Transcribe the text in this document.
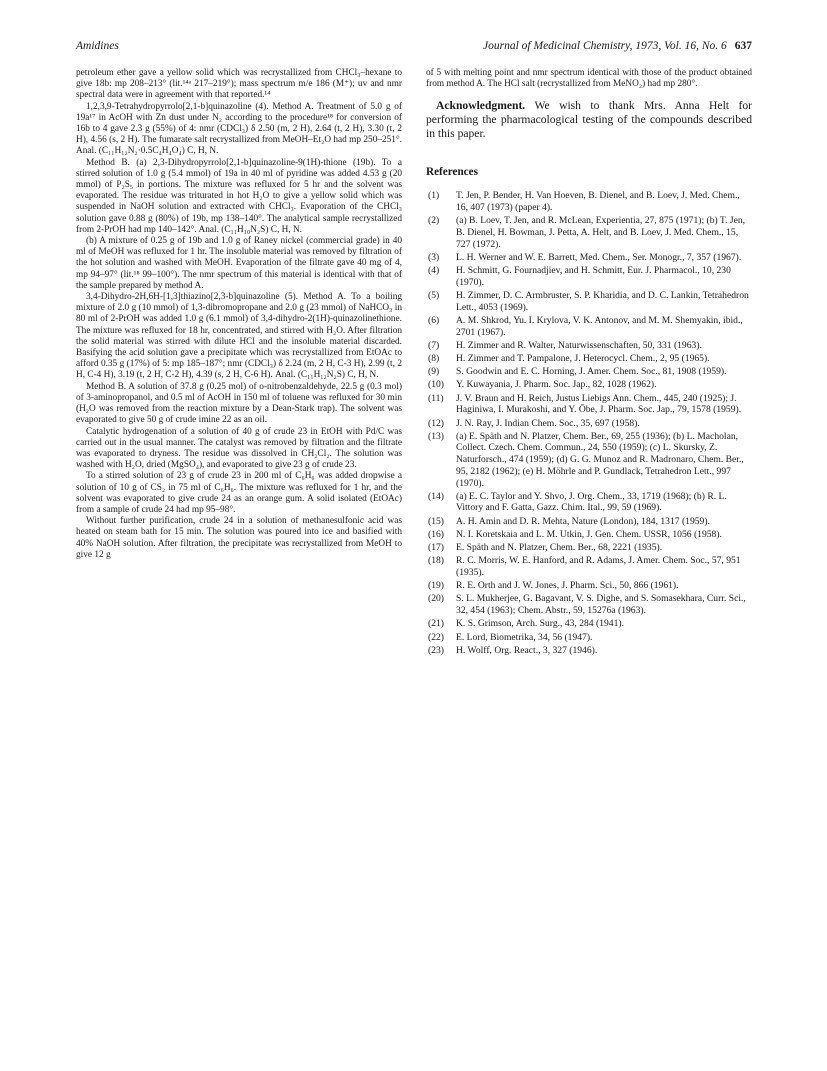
Amidines	Journal of Medicinal Chemistry, 1973, Vol. 16, No. 6 637

petroleum ether gave a yellow solid which was recrystallized from CHCl₃–hexane to give 18b: mp 208–213° (lit.¹⁴ᵃ 217–219°); mass spectrum m/e 186 (M⁺); uv and nmr spectral data were in agreement with that reported.¹⁴

1,2,3,9-Tetrahydropyrrolo[2,1-b]quinazoline (4). Method A. Treatment of 5.0 g of 19a¹⁷ in AcOH with Zn dust under N₂ according to the procedure¹⁸ for conversion of 16b to 4 gave 2.3 g (55%) of 4: nmr (CDCl₃) δ 2.50 (m, 2 H), 2.64 (t, 2 H), 3.30 (t, 2 H), 4.56 (s, 2 H). The fumarate salt recrystallized from MeOH–Et₂O had mp 250–251°. Anal. (C₁₁H₁₂N₂·0.5C₄H₄O₄) C, H, N.

Method B. (a) 2,3-Dihydropyrrolo[2,1-b]quinazoline-9(1H)-thione (19b). To a stirred solution of 1.0 g (5.4 mmol) of 19a in 40 ml of pyridine was added 4.53 g (20 mmol) of P₂S₅ in portions. The mixture was refluxed for 5 hr and the solvent was evaporated. The residue was triturated in hot H₂O to give a yellow solid which was suspended in NaOH solution and extracted with CHCl₃. Evaporation of the CHCl₃ solution gave 0.88 g (80%) of 19b, mp 138–140°. The analytical sample recrystallized from 2-PrOH had mp 140–142°. Anal. (C₁₁H₁₀N₂S) C, H, N.

(b) A mixture of 0.25 g of 19b and 1.0 g of Raney nickel (commercial grade) in 40 ml of MeOH was refluxed for 1 hr. The insoluble material was removed by filtration of the hot solution and washed with MeOH. Evaporation of the filtrate gave 40 mg of 4, mp 94–97° (lit.¹⁸ 99–100°). The nmr spectrum of this material is identical with that of the sample prepared by method A.

3,4-Dihydro-2H,6H-[1,3]thiazino[2,3-b]quinazoline (5). Method A. To a boiling mixture of 2.0 g (10 mmol) of 1,3-dibromopropane and 2.0 g (23 mmol) of NaHCO₃ in 80 ml of 2-PrOH was added 1.0 g (6.1 mmol) of 3,4-dihydro-2(1H)-quinazolinethione. The mixture was refluxed for 18 hr, concentrated, and stirred with H₂O. After filtration the solid material was stirred with dilute HCl and the insoluble material discarded. Basifying the acid solution gave a precipitate which was recrystallized from EtOAc to afford 0.35 g (17%) of 5: mp 185–187°; nmr (CDCl₃) δ 2.24 (m, 2 H, C-3 H), 2.99 (t, 2 H, C-4 H), 3.19 (t, 2 H, C-2 H), 4.39 (s, 2 H, C-6 H). Anal. (C₁₁H₁₂N₂S) C, H, N.

Method B. A solution of 37.8 g (0.25 mol) of o-nitrobenzaldehyde, 22.5 g (0.3 mol) of 3-aminopropanol, and 0.5 ml of AcOH in 150 ml of toluene was refluxed for 30 min (H₂O was removed from the reaction mixture by a Dean-Stark trap). The solvent was evaporated to give 50 g of crude imine 22 as an oil.

Catalytic hydrogenation of a solution of 40 g of crude 23 in EtOH with Pd/C was carried out in the usual manner. The catalyst was removed by filtration and the filtrate was evaporated to dryness. The residue was dissolved in CH₂Cl₂. The solution was washed with H₂O, dried (MgSO₄), and evaporated to give 23 g of crude 23.

To a stirred solution of 23 g of crude 23 in 200 ml of C₆H₆ was added dropwise a solution of 10 g of CS₂ in 75 ml of C₆H₆. The mixture was refluxed for 1 hr, and the solvent was evaporated to give crude 24 as an orange gum. A solid isolated (EtOAc) from a sample of crude 24 had mp 95–98°.

Without further purification, crude 24 in a solution of methanesulfonic acid was heated on steam bath for 15 min. The solution was poured into ice and basified with 40% NaOH solution. After filtration, the precipitate was recrystallized from MeOH to give 12 g

of 5 with melting point and nmr spectrum identical with those of the product obtained from method A. The HCl salt (recrystallized from MeNO₂) had mp 280°.

Acknowledgment. We wish to thank Mrs. Anna Helt for performing the pharmacological testing of the compounds described in this paper.

References
(1) T. Jen, P. Bender, H. Van Hoeven, B. Dienel, and B. Loev, J. Med. Chem., 16, 407 (1973) (paper 4).
(2) (a) B. Loev, T. Jen, and R. McLean, Experientia, 27, 875 (1971); (b) T. Jen, B. Dienel, H. Bowman, J. Petta, A. Helt, and B. Loev, J. Med. Chem., 15, 727 (1972).
(3) L. H. Werner and W. E. Barrett, Med. Chem., Ser. Monogr., 7, 357 (1967).
(4) H. Schmitt, G. Fournadjiev, and H. Schmitt, Eur. J. Pharmacol., 10, 230 (1970).
(5) H. Zimmer, D. C. Armbruster, S. P. Kharidia, and D. C. Lankin, Tetrahedron Lett., 4053 (1969).
(6) A. M. Shkrod, Yu. I. Krylova, V. K. Antonov, and M. M. Shemyakin, ibid., 2701 (1967).
(7) H. Zimmer and R. Walter, Naturwissenschaften, 50, 331 (1963).
(8) H. Zimmer and T. Pampalone, J. Heterocycl. Chem., 2, 95 (1965).
(9) S. Goodwin and E. C. Horning, J. Amer. Chem. Soc., 81, 1908 (1959).
(10) Y. Kuwayania, J. Pharm. Soc. Jap., 82, 1028 (1962).
(11) J. V. Braun and H. Reich, Justus Liebigs Ann. Chem., 445, 240 (1925); J. Haginiwa, I. Murakoshi, and Y. Ōbe, J. Pharm. Soc. Jap., 79, 1578 (1959).
(12) J. N. Ray, J. Indian Chem. Soc., 35, 697 (1958).
(13) (a) E. Späth and N. Platzer, Chem. Ber., 69, 255 (1936); (b) L. Macholan, Collect. Czech. Chem. Commun., 24, 550 (1959); (c) L. Skursky, Z. Naturforsch., 474 (1959); (d) G. G. Munoz and R. Madronaro, Chem. Ber., 95, 2182 (1962); (e) H. Möhrle and P. Gundlack, Tetrahedron Lett., 997 (1970).
(14) (a) E. C. Taylor and Y. Shvo, J. Org. Chem., 33, 1719 (1968); (b) R. L. Vittory and F. Gatta, Gazz. Chim. Ital., 99, 59 (1969).
(15) A. H. Amin and D. R. Mehta, Nature (London), 184, 1317 (1959).
(16) N. I. Koretskaia and L. M. Utkin, J. Gen. Chem. USSR, 1056 (1958).
(17) E. Späth and N. Platzer, Chem. Ber., 68, 2221 (1935).
(18) R. C. Morris, W. E. Hanford, and R. Adams, J. Amer. Chem. Soc., 57, 951 (1935).
(19) R. E. Orth and J. W. Jones, J. Pharm. Sci., 50, 866 (1961).
(20) S. L. Mukherjee, G. Bagavant, V. S. Dighe, and S. Somasekhara, Curr. Sci., 32, 454 (1963); Chem. Abstr., 59, 15276a (1963).
(21) K. S. Grimson, Arch. Surg., 43, 284 (1941).
(22) E. Lord, Biometrika, 34, 56 (1947).
(23) H. Wolff, Org. React., 3, 327 (1946).
